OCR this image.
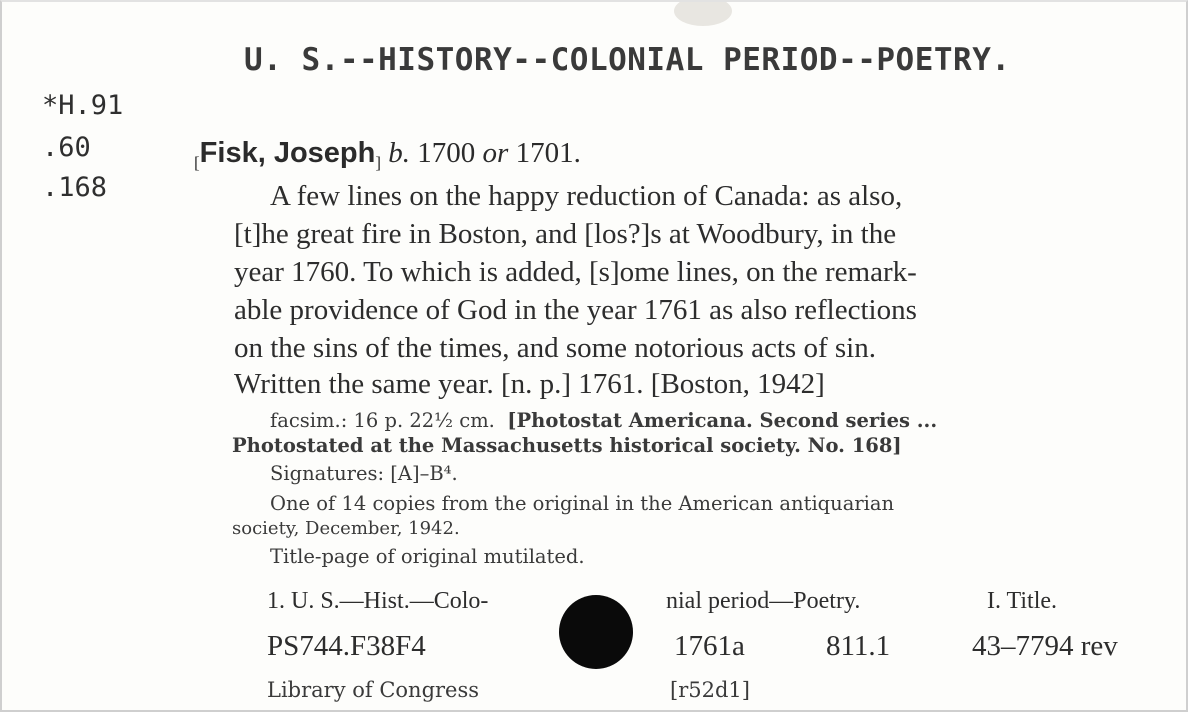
U. S.--HISTORY--COLONIAL PERIOD--POETRY.
*H.91
.60
.168
$_[$Fisk, Joseph$_]$ b. 1700 or 1701.
A few lines on the happy reduction of Canada: as also,
[t]he great fire in Boston, and [los?]s at Woodbury, in the
year 1760. To which is added, [s]ome lines, on the remark-
able providence of God in the year 1761 as also reflections
on the sins of the times, and some notorious acts of sin.
Written the same year. [n. p.] 1761. [Boston, 1942]
facsim.: 16 p. 22½ cm. [Photostat Americana. Second series ...
Photostated at the Massachusetts historical society. No. 168]
Signatures: [A]–B⁴.
One of 14 copies from the original in the American antiquarian
society, December, 1942.
Title-page of original mutilated.
1. U. S.—Hist.—Colo-	nial period—Poetry.	I. Title.
PS744.F38F4	1761a	811.1	43–7794 rev
Library of Congress	[r52d1]
